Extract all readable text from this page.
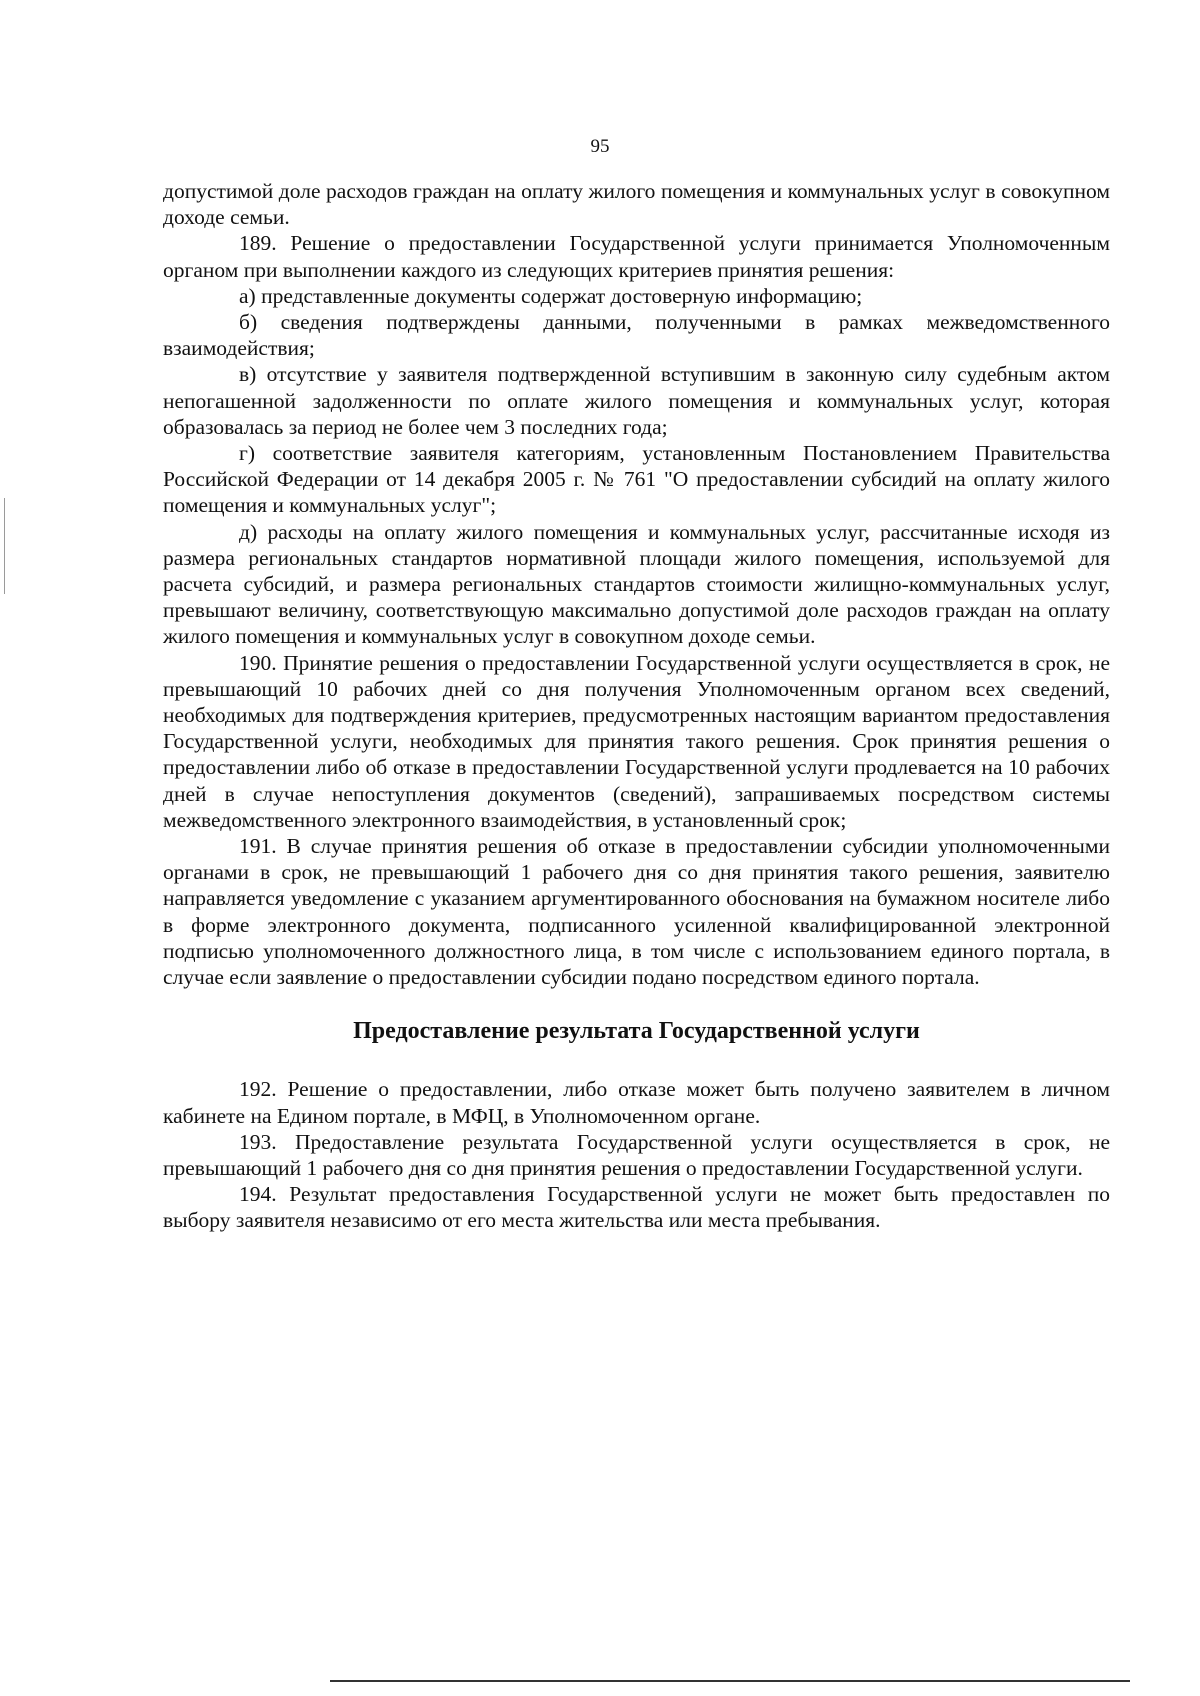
95

допустимой доле расходов граждан на оплату жилого помещения и коммунальных услуг в совокупном доходе семьи.

189. Решение о предоставлении Государственной услуги принимается Уполномоченным органом при выполнении каждого из следующих критериев принятия решения:

а) представленные документы содержат достоверную информацию;

б) сведения подтверждены данными, полученными в рамках межведомственного взаимодействия;

в) отсутствие у заявителя подтвержденной вступившим в законную силу судебным актом непогашенной задолженности по оплате жилого помещения и коммунальных услуг, которая образовалась за период не более чем 3 последних года;

г) соответствие заявителя категориям, установленным Постановлением Правительства Российской Федерации от 14 декабря 2005 г. № 761 "О предоставлении субсидий на оплату жилого помещения и коммунальных услуг";

д) расходы на оплату жилого помещения и коммунальных услуг, рассчитанные исходя из размера региональных стандартов нормативной площади жилого помещения, используемой для расчета субсидий, и размера региональных стандартов стоимости жилищно-коммунальных услуг, превышают величину, соответствующую максимально допустимой доле расходов граждан на оплату жилого помещения и коммунальных услуг в совокупном доходе семьи.

190. Принятие решения о предоставлении Государственной услуги осуществляется в срок, не превышающий 10 рабочих дней со дня получения Уполномоченным органом всех сведений, необходимых для подтверждения критериев, предусмотренных настоящим вариантом предоставления Государственной услуги, необходимых для принятия такого решения. Срок принятия решения о предоставлении либо об отказе в предоставлении Государственной услуги продлевается на 10 рабочих дней в случае непоступления документов (сведений), запрашиваемых посредством системы межведомственного электронного взаимодействия, в установленный срок;

191. В случае принятия решения об отказе в предоставлении субсидии уполномоченными органами в срок, не превышающий 1 рабочего дня со дня принятия такого решения, заявителю направляется уведомление с указанием аргументированного обоснования на бумажном носителе либо в форме электронного документа, подписанного усиленной квалифицированной электронной подписью уполномоченного должностного лица, в том числе с использованием единого портала, в случае если заявление о предоставлении субсидии подано посредством единого портала.

Предоставление результата Государственной услуги

192. Решение о предоставлении, либо отказе может быть получено заявителем в личном кабинете на Едином портале, в МФЦ, в Уполномоченном органе.

193. Предоставление результата Государственной услуги осуществляется в срок, не превышающий 1 рабочего дня со дня принятия решения о предоставлении Государственной услуги.

194. Результат предоставления Государственной услуги не может быть предоставлен по выбору заявителя независимо от его места жительства или места пребывания.
